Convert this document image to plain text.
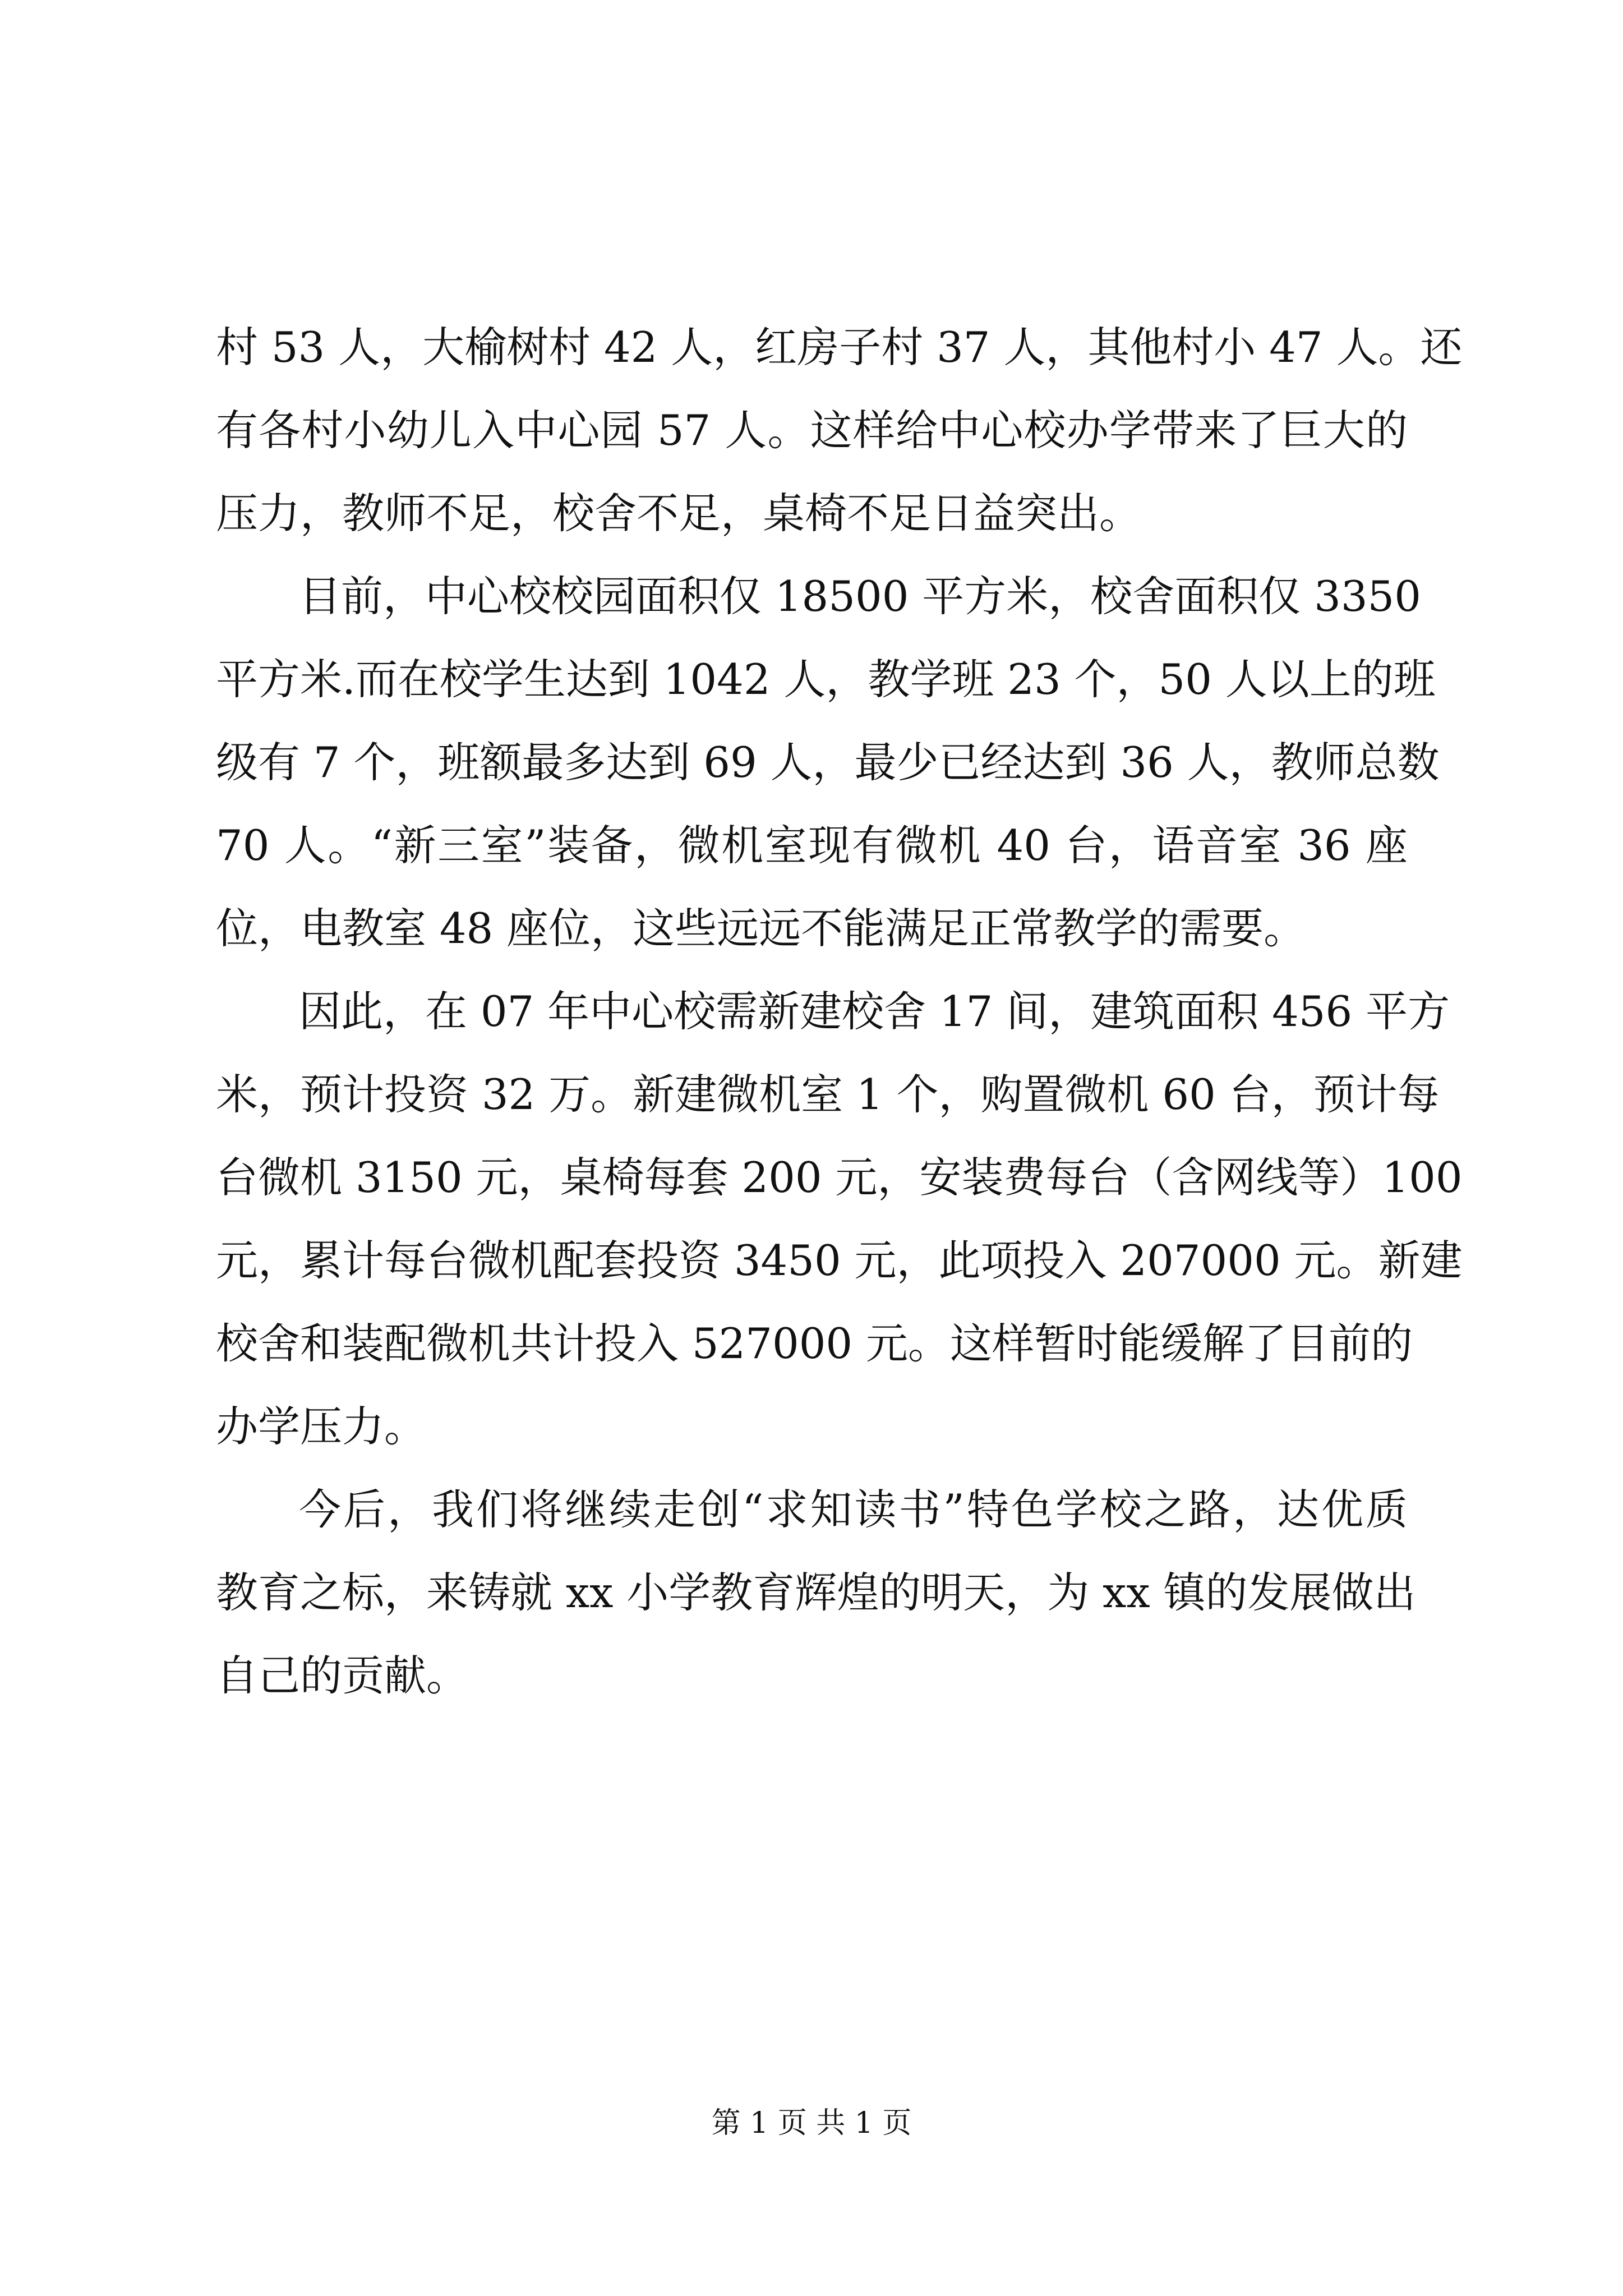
村 53 人，大榆树村 42 人，红房子村 37 人，其他村小 47 人。还
有各村小幼儿入中心园 57 人。这样给中心校办学带来了巨大的
压力，教师不足，校舍不足，桌椅不足日益突出。
目前，中心校校园面积仅 18500 平方米，校舍面积仅 3350
平方米.而在校学生达到 1042 人，教学班 23 个，50 人以上的班
级有 7 个，班额最多达到 69 人，最少已经达到 36 人，教师总数
70 人。“新三室”装备，微机室现有微机 40 台，语音室 36 座
位，电教室 48 座位，这些远远不能满足正常教学的需要。
因此，在 07 年中心校需新建校舍 17 间，建筑面积 456 平方
米，预计投资 32 万。新建微机室 1 个，购置微机 60 台，预计每
台微机 3150 元，桌椅每套 200 元，安装费每台（含网线等）100
元，累计每台微机配套投资 3450 元，此项投入 207000 元。新建
校舍和装配微机共计投入 527000 元。这样暂时能缓解了目前的
办学压力。
今后，我们将继续走创“求知读书”特色学校之路，达优质
教育之标，来铸就 xx 小学教育辉煌的明天，为 xx 镇的发展做出
自己的贡献。
第 1 页 共 1 页
